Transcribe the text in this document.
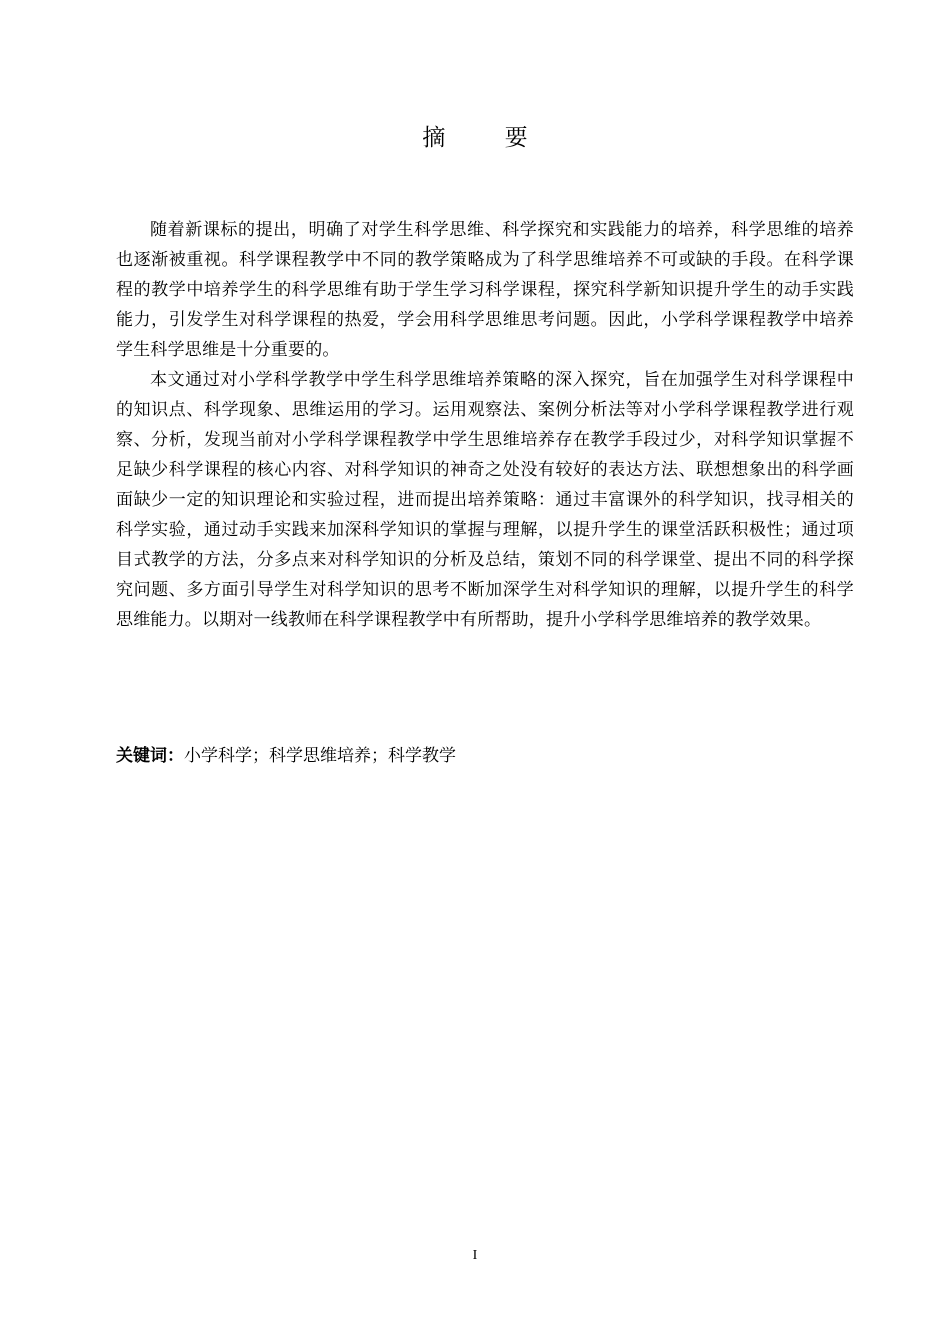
摘 要

随着新课标的提出，明确了对学生科学思维、科学探究和实践能力的培养，科学思维的培养也逐渐被重视。科学课程教学中不同的教学策略成为了科学思维培养不可或缺的手段。在科学课程的教学中培养学生的科学思维有助于学生学习科学课程，探究科学新知识提升学生的动手实践能力，引发学生对科学课程的热爱，学会用科学思维思考问题。因此，小学科学课程教学中培养学生科学思维是十分重要的。

本文通过对小学科学教学中学生科学思维培养策略的深入探究，旨在加强学生对科学课程中的知识点、科学现象、思维运用的学习。运用观察法、案例分析法等对小学科学课程教学进行观察、分析，发现当前对小学科学课程教学中学生思维培养存在教学手段过少，对科学知识掌握不足缺少科学课程的核心内容、对科学知识的神奇之处没有较好的表达方法、联想想象出的科学画面缺少一定的知识理论和实验过程，进而提出培养策略：通过丰富课外的科学知识，找寻相关的科学实验，通过动手实践来加深科学知识的掌握与理解，以提升学生的课堂活跃积极性；通过项目式教学的方法，分多点来对科学知识的分析及总结，策划不同的科学课堂、提出不同的科学探究问题、多方面引导学生对科学知识的思考不断加深学生对科学知识的理解，以提升学生的科学思维能力。以期对一线教师在科学课程教学中有所帮助，提升小学科学思维培养的教学效果。

关键词：小学科学；科学思维培养；科学教学
I
